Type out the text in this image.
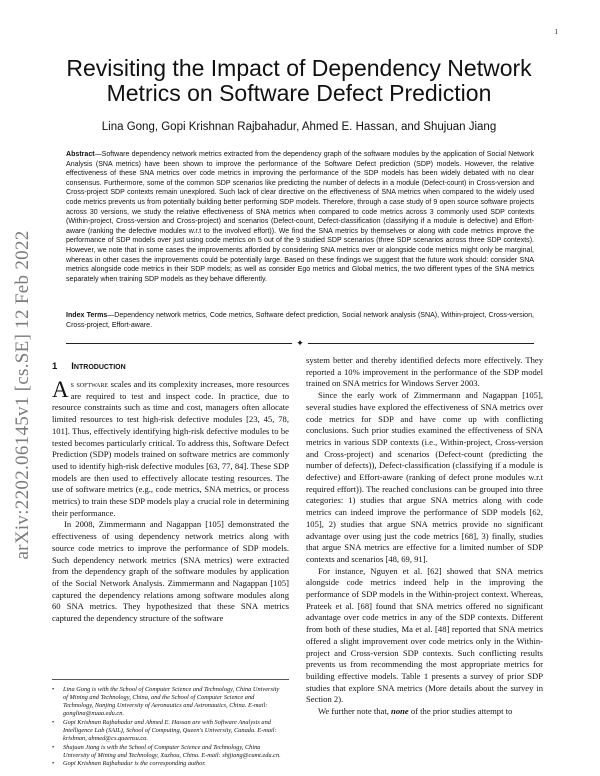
1
arXiv:2202.06145v1 [cs.SE] 12 Feb 2022
Revisiting the Impact of Dependency Network Metrics on Software Defect Prediction
Lina Gong, Gopi Krishnan Rajbahadur, Ahmed E. Hassan, and Shujuan Jiang
Abstract—Software dependency network metrics extracted from the dependency graph of the software modules by the application of Social Network Analysis (SNA metrics) have been shown to improve the performance of the Software Defect prediction (SDP) models. However, the relative effectiveness of these SNA metrics over code metrics in improving the performance of the SDP models has been widely debated with no clear consensus. Furthermore, some of the common SDP scenarios like predicting the number of defects in a module (Defect-count) in Cross-version and Cross-project SDP contexts remain unexplored. Such lack of clear directive on the effectiveness of SNA metrics when compared to the widely used code metrics prevents us from potentially building better performing SDP models. Therefore, through a case study of 9 open source software projects across 30 versions, we study the relative effectiveness of SNA metrics when compared to code metrics across 3 commonly used SDP contexts (Within-project, Cross-version and Cross-project) and scenarios (Defect-count, Defect-classification (classifying if a module is defective) and Effort-aware (ranking the defective modules w.r.t to the involved effort)). We find the SNA metrics by themselves or along with code metrics improve the performance of SDP models over just using code metrics on 5 out of the 9 studied SDP scenarios (three SDP scenarios across three SDP contexts). However, we note that in some cases the improvements afforded by considering SNA metrics over or alongside code metrics might only be marginal, whereas in other cases the improvements could be potentially large. Based on these findings we suggest that the future work should: consider SNA metrics alongside code metrics in their SDP models; as well as consider Ego metrics and Global metrics, the two different types of the SNA metrics separately when training SDP models as they behave differently.
Index Terms—Dependency network metrics, Code metrics, Software defect prediction, Social network analysis (SNA), Within-project, Cross-version, Cross-project, Effort-aware.
✦
1 Introduction

As software scales and its complexity increases, more resources are required to test and inspect code. In practice, due to resource constraints such as time and cost, managers often allocate limited resources to test high-risk defective modules [23, 45, 78, 101]. Thus, effectively identifying high-risk defective modules to be tested becomes particularly critical. To address this, Software Defect Prediction (SDP) models trained on software metrics are commonly used to identify high-risk defective modules [63, 77, 84]. These SDP models are then used to effectively allocate testing resources. The use of software metrics (e.g., code metrics, SNA metrics, or process metrics) to train these SDP models play a crucial role in determining their performance.

In 2008, Zimmermann and Nagappan [105] demonstrated the effectiveness of using dependency network metrics along with source code metrics to improve the performance of SDP models. Such dependency network metrics (SNA metrics) were extracted from the dependency graph of the software modules by application of the Social Network Analysis. Zimmermann and Nagappan [105] captured the dependency relations among software modules along 60 SNA metrics. They hypothesized that these SNA metrics captured the dependency structure of the software

system better and thereby identified defects more effectively. They reported a 10% improvement in the performance of the SDP model trained on SNA metrics for Windows Server 2003.

Since the early work of Zimmermann and Nagappan [105], several studies have explored the effectiveness of SNA metrics over code metrics for SDP and have come up with conflicting conclusions. Such prior studies examined the effectiveness of SNA metrics in various SDP contexts (i.e., Within-project, Cross-version and Cross-project) and scenarios (Defect-count (predicting the number of defects)), Defect-classification (classifying if a module is defective) and Effort-aware (ranking of defect prone modules w.r.t required effort)). The reached conclusions can be grouped into three categories: 1) studies that argue SNA metrics along with code metrics can indeed improve the performance of SDP models [62, 105], 2) studies that argue SNA metrics provide no significant advantage over using just the code metrics [68], 3) finally, studies that argue SNA metrics are effective for a limited number of SDP contexts and scenarios [48, 69, 91].

For instance, Nguyen et al. [62] showed that SNA metrics alongside code metrics indeed help in the improving the performance of SDP models in the Within-project context. Whereas, Prateek et al. [68] found that SNA metrics offered no significant advantage over code metrics in any of the SDP contexts. Different from both of these studies, Ma et al. [48] reported that SNA metrics offered a slight improvement over code metrics only in the Within-project and Cross-version SDP contexts. Such conflicting results prevents us from recommending the most appropriate metrics for building effective models. Table 1 presents a survey of prior SDP studies that explore SNA metrics (More details about the survey in Section 2).

We further note that, none of the prior studies attempt to

• Lina Gong is with the School of Computer Science and Technology, China University of Mining and Technology, China, and the School of Computer Science and Technology, Nanjing University of Aeronautics and Astronautics, China. E-mail: gonglina@nuaa.edu.cn.
• Gopi Krishnan Rajbahadur and Ahmed E. Hassan are with Software Analysis and Intelligence Lab (SAIL), School of Computing, Queen's University, Canada. E-mail: krishnan, ahmed@cs.queensu.ca.
• Shujuan Jiang is with the School of Computer Science and Technology, China University of Mining and Technology, Xuzhou, China. E-mail: shjjiang@cumt.edu.cn.
• Gopi Krishnan Rajbahadur is the corresponding author.
